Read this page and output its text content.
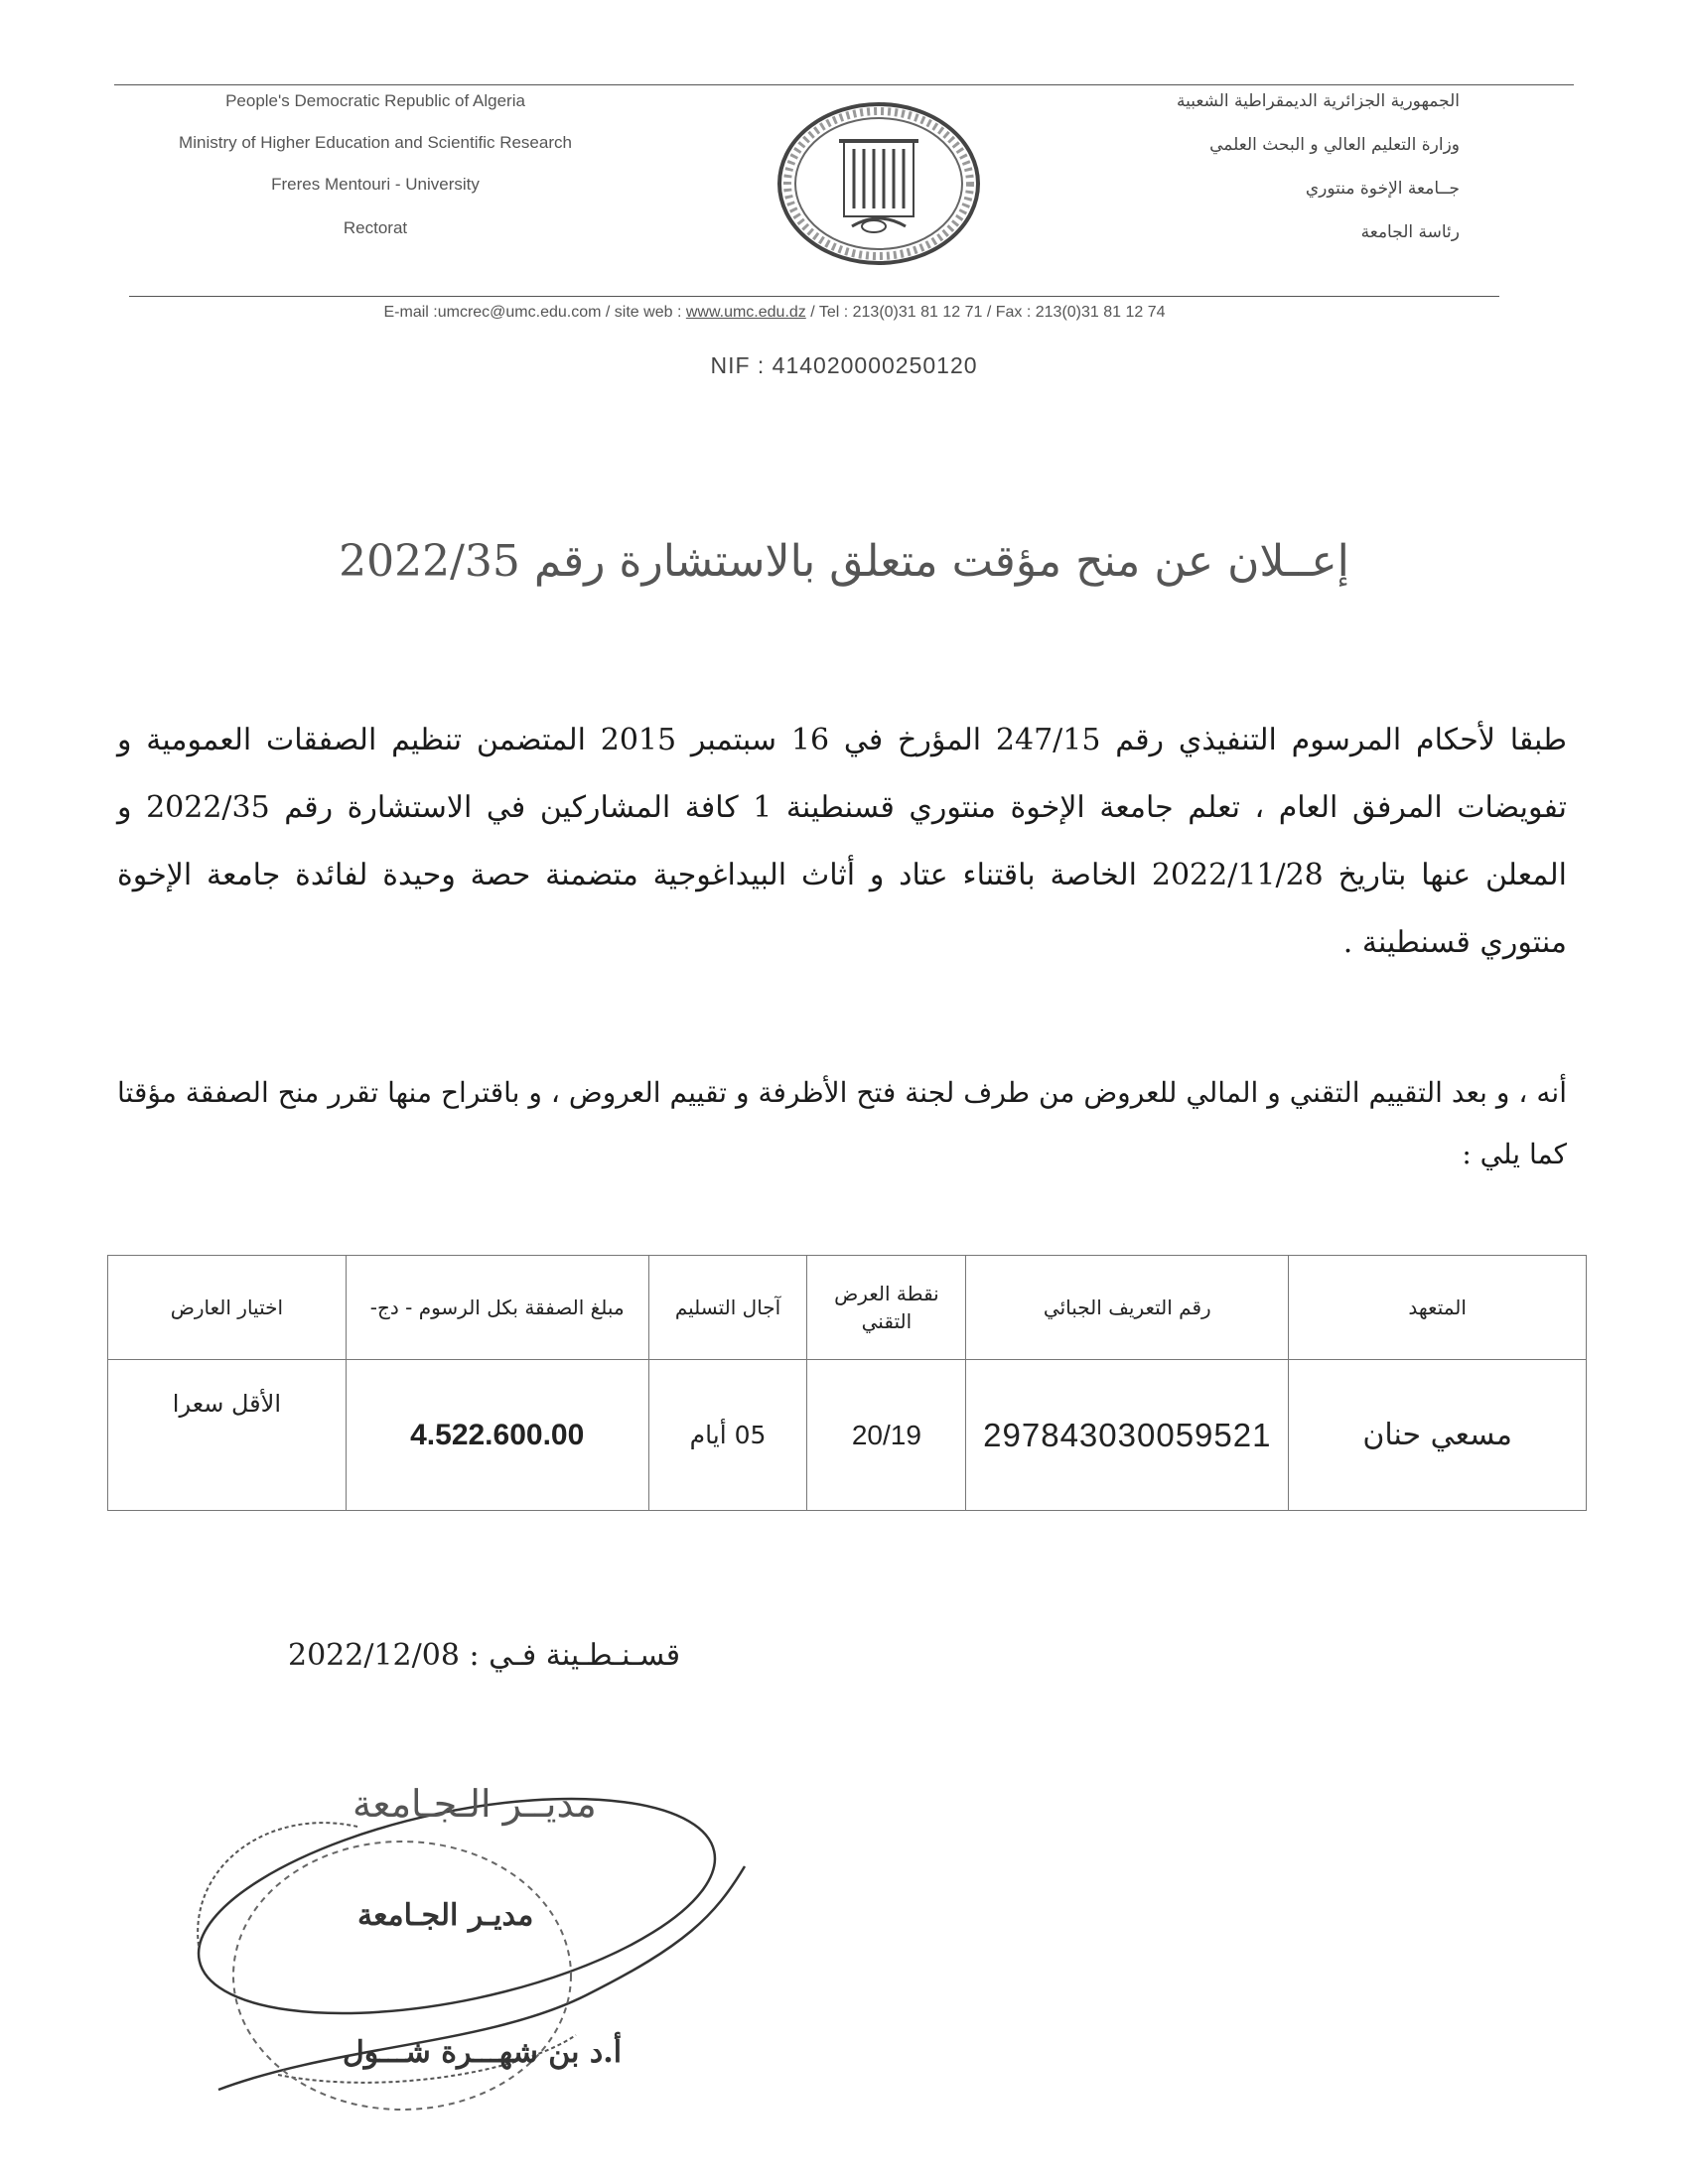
People's Democratic Republic of Algeria
Ministry of Higher Education and Scientific Research
Freres Mentouri - University
Rectorat
الجمهورية الجزائرية الديمقراطية الشعبية
وزارة التعليم العالي و البحث العلمي
جــامعة الإخوة منتوري
رئاسة الجامعة
E-mail :umcrec@umc.edu.com / site web : www.umc.edu.dz / Tel : 213(0)31 81 12 71 / Fax : 213(0)31 81 12 74
NIF : 414020000250120
إعــلان عن منح مؤقت متعلق بالاستشارة رقم 2022/35
طبقا لأحكام المرسوم التنفيذي رقم 247/15 المؤرخ في 16 سبتمبر 2015 المتضمن تنظيم الصفقات العمومية و تفويضات المرفق العام ، تعلم جامعة الإخوة منتوري قسنطينة 1 كافة المشاركين في الاستشارة رقم 2022/35 و المعلن عنها بتاريخ 2022/11/28 الخاصة باقتناء عتاد و أثاث البيداغوجية متضمنة حصة وحيدة لفائدة جامعة الإخوة منتوري قسنطينة .
أنه ، و بعد التقييم التقني و المالي للعروض من طرف لجنة فتح الأظرفة و تقييم العروض ، و باقتراح منها تقرر منح الصفقة مؤقتا كما يلي :
المتعهد	رقم التعريف الجبائي	نقطة العرض التقني	آجال التسليم	مبلغ الصفقة بكل الرسوم - دج-	اختيار العارض
مسعي حنان	297843030059521	20/19	05 أيام	4.522.600.00	الأقل سعرا
قسـنـطـينة فـي : 2022/12/08
مديــر الـجـامعة
مديـر الجـامعة
أ.د بن شهـــرة شـــول
